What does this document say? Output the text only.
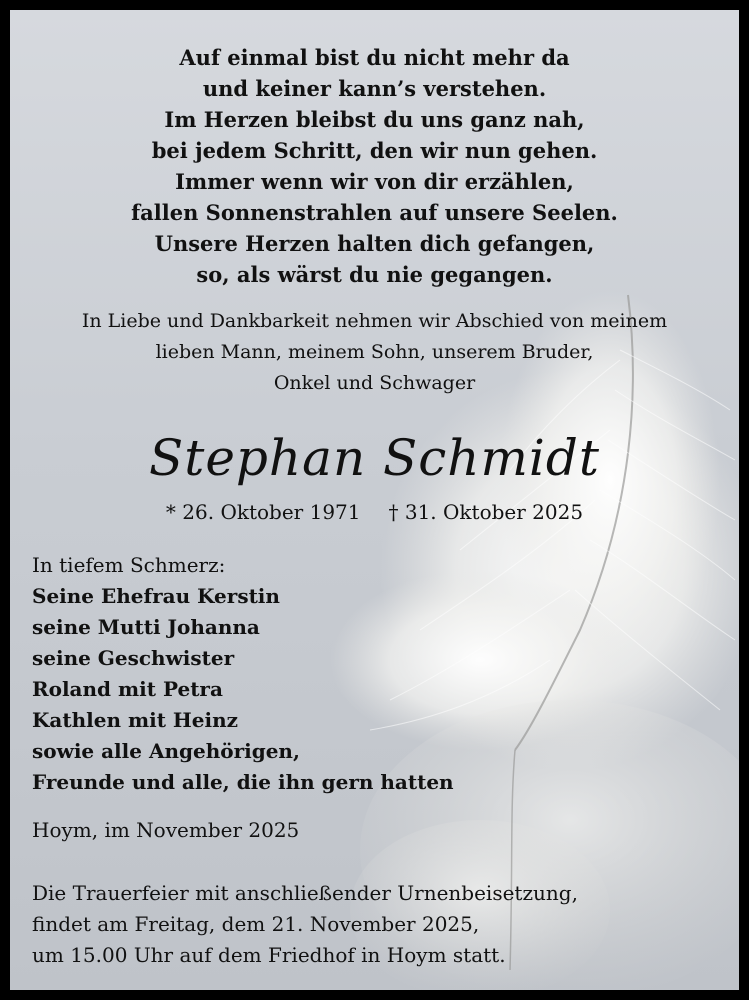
Auf einmal bist du nicht mehr da
und keiner kann’s verstehen.
Im Herzen bleibst du uns ganz nah,
bei jedem Schritt, den wir nun gehen.
Immer wenn wir von dir erzählen,
fallen Sonnenstrahlen auf unsere Seelen.
Unsere Herzen halten dich gefangen,
so, als wärst du nie gegangen.
In Liebe und Dankbarkeit nehmen wir Abschied von meinem
lieben Mann, meinem Sohn, unserem Bruder,
Onkel und Schwager
Stephan Schmidt
* 26. Oktober 1971 † 31. Oktober 2025
In tiefem Schmerz:
Seine Ehefrau Kerstin
seine Mutti Johanna
seine Geschwister
Roland mit Petra
Kathlen mit Heinz
sowie alle Angehörigen,
Freunde und alle, die ihn gern hatten
Hoym, im November 2025
Die Trauerfeier mit anschließender Urnenbeisetzung,
findet am Freitag, dem 21. November 2025,
um 15.00 Uhr auf dem Friedhof in Hoym statt.
